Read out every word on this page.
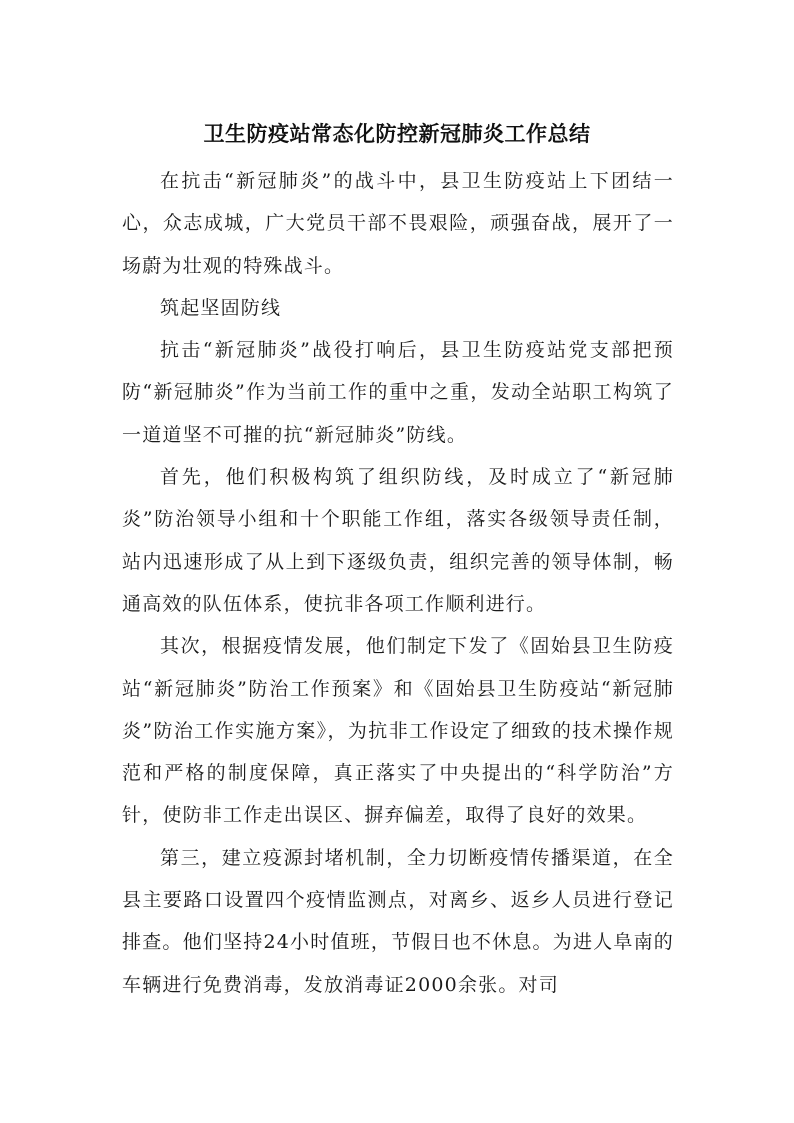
卫生防疫站常态化防控新冠肺炎工作总结

在抗击“新冠肺炎”的战斗中，县卫生防疫站上下团结一心，众志成城，广大党员干部不畏艰险，顽强奋战，展开了一场蔚为壮观的特殊战斗。

筑起坚固防线

抗击“新冠肺炎”战役打响后，县卫生防疫站党支部把预防“新冠肺炎”作为当前工作的重中之重，发动全站职工构筑了一道道坚不可摧的抗“新冠肺炎”防线。

首先，他们积极构筑了组织防线，及时成立了“新冠肺炎”防治领导小组和十个职能工作组，落实各级领导责任制，站内迅速形成了从上到下逐级负责，组织完善的领导体制，畅通高效的队伍体系，使抗非各项工作顺利进行。

其次，根据疫情发展，他们制定下发了《固始县卫生防疫站“新冠肺炎”防治工作预案》和《固始县卫生防疫站“新冠肺炎”防治工作实施方案》，为抗非工作设定了细致的技术操作规范和严格的制度保障，真正落实了中央提出的“科学防治”方针，使防非工作走出误区、摒弃偏差，取得了良好的效果。

第三，建立疫源封堵机制，全力切断疫情传播渠道，在全县主要路口设置四个疫情监测点，对离乡、返乡人员进行登记排查。他们坚持24小时值班，节假日也不休息。为进人阜南的车辆进行免费消毒，发放消毒证2000余张。对司
